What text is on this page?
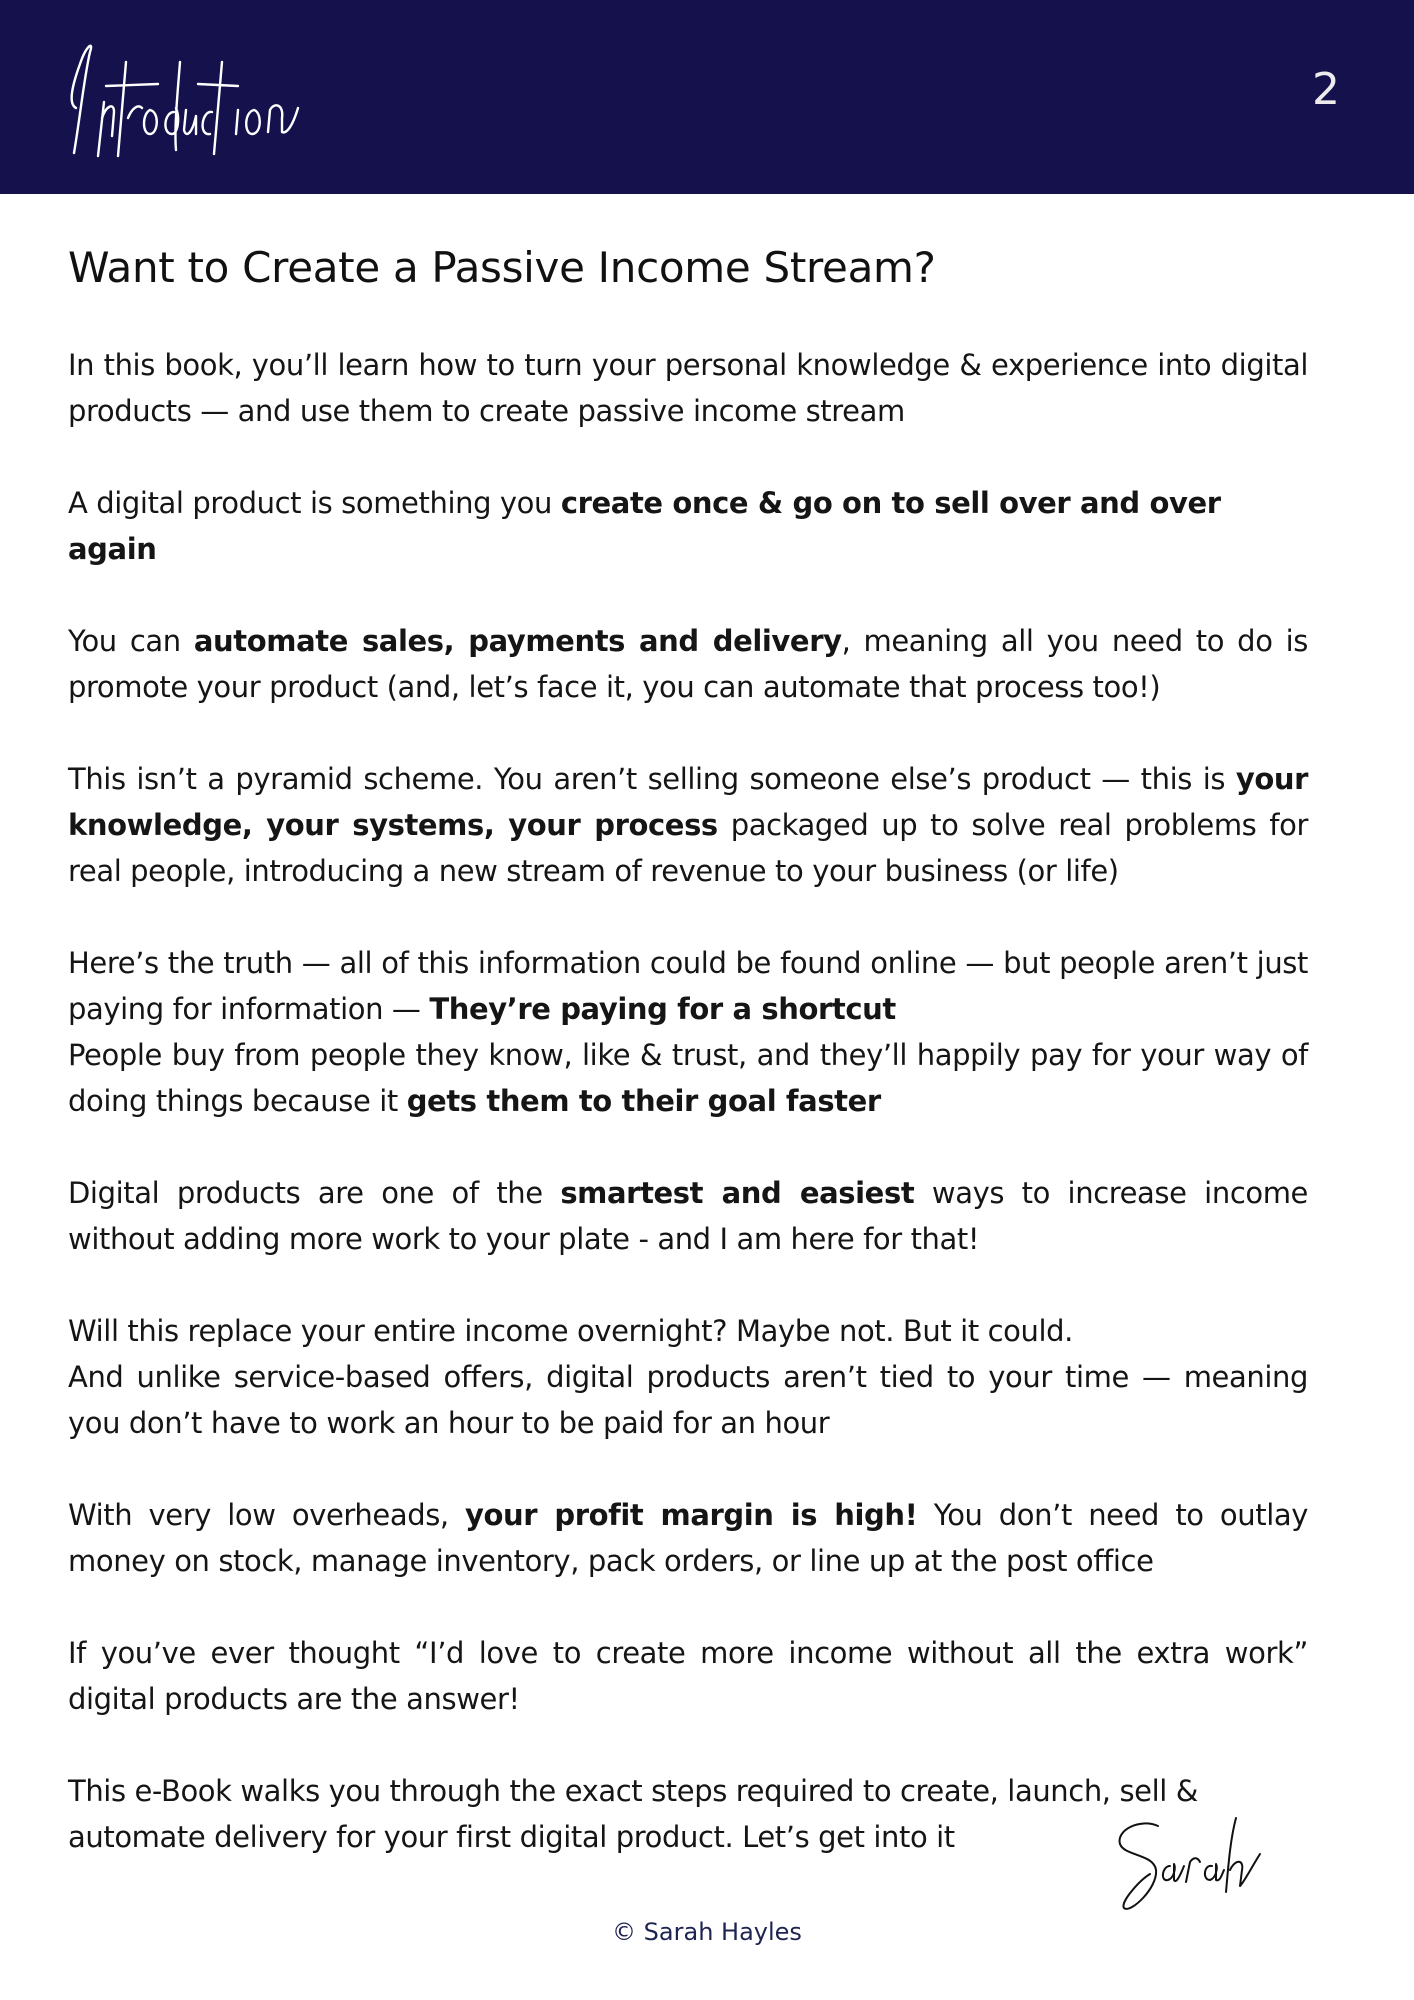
2
Want to Create a Passive Income Stream?

In this book, you’ll learn how to turn your personal knowledge & experience into digital products — and use them to create passive income stream

A digital product is something you create once & go on to sell over and over again

You can automate sales, payments and delivery, meaning all you need to do is promote your product (and, let’s face it, you can automate that process too!)

This isn’t a pyramid scheme. You aren’t selling someone else’s product — this is your knowledge, your systems, your process packaged up to solve real problems for real people, introducing a new stream of revenue to your business (or life)

Here’s the truth — all of this information could be found online — but people aren’t just paying for information — They’re paying for a shortcut

People buy from people they know, like & trust, and they’ll happily pay for your way of doing things because it gets them to their goal faster

Digital products are one of the smartest and easiest ways to increase income without adding more work to your plate - and I am here for that!

Will this replace your entire income overnight? Maybe not. But it could.

And unlike service-based offers, digital products aren’t tied to your time — meaning you don’t have to work an hour to be paid for an hour

With very low overheads, your profit margin is high! You don’t need to outlay money on stock, manage inventory, pack orders, or line up at the post office

If you’ve ever thought “I’d love to create more income without all the extra work” digital products are the answer!

This e-Book walks you through the exact steps required to create, launch, sell & automate delivery for your first digital product. Let’s get into it

© Sarah Hayles
